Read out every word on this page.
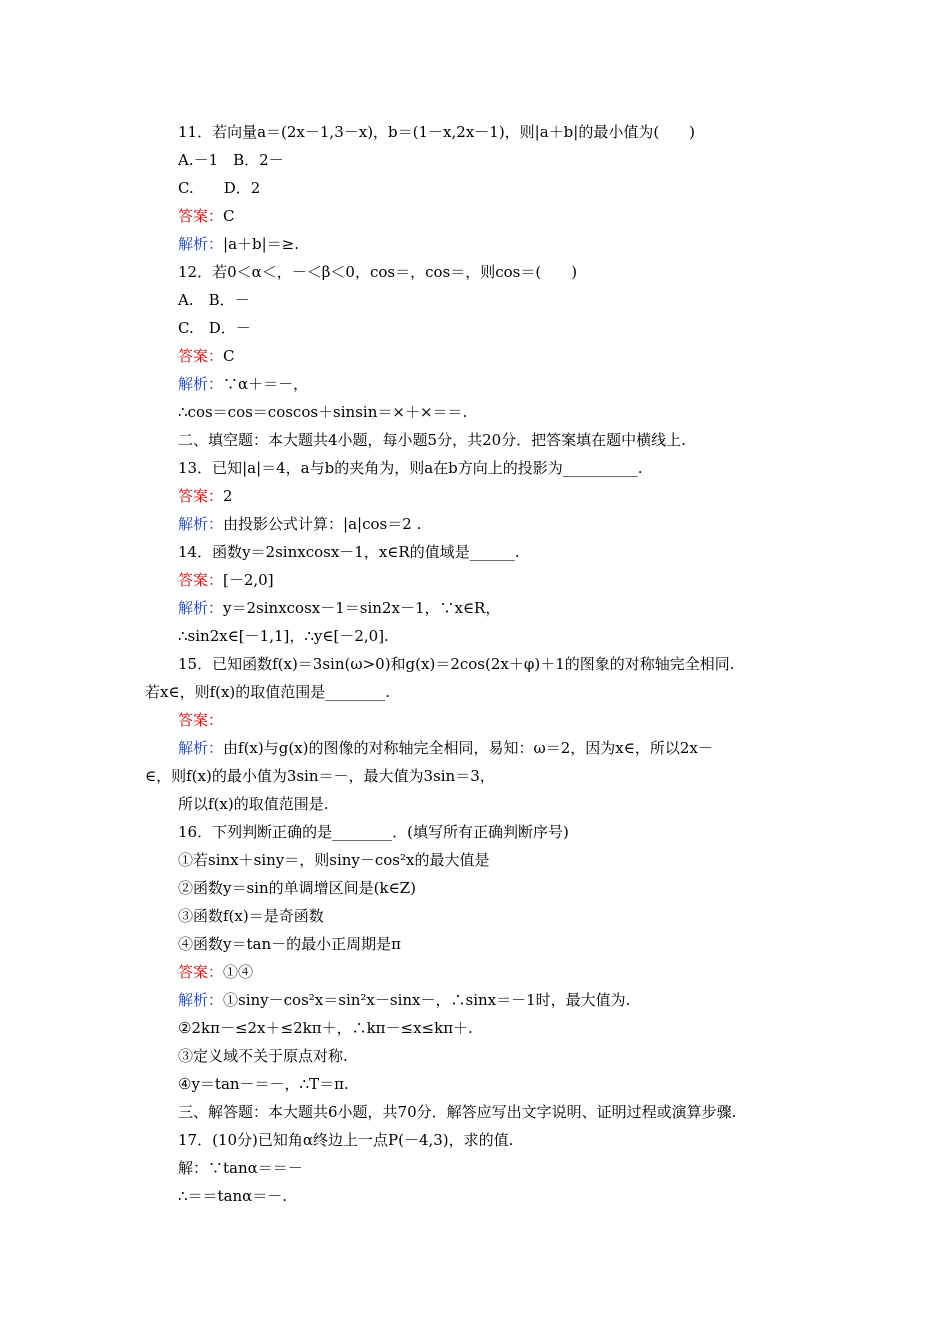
11．若向量a＝(2x－1,3－x)，b＝(1－x,2x－1)，则|a＋b|的最小值为(　　)
A.－1　B．2－
C.　　D．2
答案：C
解析：|a＋b|＝≥.
12．若0＜α＜，－＜β＜0，cos＝，cos＝，则cos＝(　　)
A.　B．－
C.　D．－
答案：C
解析：∵α＋＝－，
∴cos＝cos＝coscos＋sinsin＝×＋×＝＝.
二、填空题：本大题共4小题，每小题5分，共20分．把答案填在题中横线上.
13．已知|a|＝4，a与b的夹角为，则a在b方向上的投影为__________.
答案：2
解析：由投影公式计算：|a|cos＝2 .
14．函数y＝2sinxcosx－1，x∈R的值域是______.
答案：[－2,0]
解析：y＝2sinxcosx－1＝sin2x－1，∵x∈R，
∴sin2x∈[－1,1]，∴y∈[－2,0].
15．已知函数f(x)＝3sin(ω>0)和g(x)＝2cos(2x＋φ)＋1的图象的对称轴完全相同.
若x∈，则f(x)的取值范围是________.
答案：
解析：由f(x)与g(x)的图像的对称轴完全相同，易知：ω＝2，因为x∈，所以2x－
∈，则f(x)的最小值为3sin＝－，最大值为3sin＝3，
所以f(x)的取值范围是.
16．下列判断正确的是________．(填写所有正确判断序号)
①若sinx＋siny＝，则siny－cos²x的最大值是
②函数y＝sin的单调增区间是(k∈Z)
③函数f(x)＝是奇函数
④函数y＝tan－的最小正周期是π
答案：①④
解析：①siny－cos²x＝sin²x－sinx－，∴sinx＝－1时，最大值为.
②2kπ－≤2x＋≤2kπ＋，∴kπ－≤x≤kπ＋.
③定义域不关于原点对称.
④y＝tan－＝－，∴T＝π.
三、解答题：本大题共6小题，共70分．解答应写出文字说明、证明过程或演算步骤.
17．(10分)已知角α终边上一点P(－4,3)，求的值.
解：∵tanα＝＝－
∴＝＝tanα＝－.
